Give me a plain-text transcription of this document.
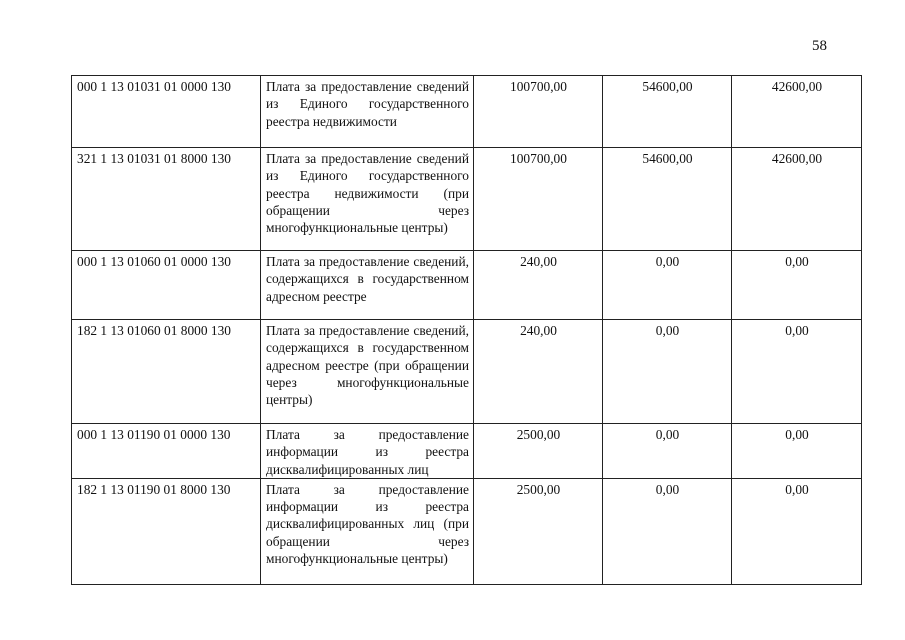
58
000 1 13 01031 01 0000 130	Плата за предоставление сведений из Единого государственного реестра недвижимости	100700,00	54600,00	42600,00
321 1 13 01031 01 8000 130	Плата за предоставление сведений из Единого государственного реестра недвижимости (при обращении через многофункциональные центры)	100700,00	54600,00	42600,00
000 1 13 01060 01 0000 130	Плата за предоставление сведений, содержащихся в государственном адресном реестре	240,00	0,00	0,00
182 1 13 01060 01 8000 130	Плата за предоставление сведений, содержащихся в государственном адресном реестре (при обращении через многофункциональные центры)	240,00	0,00	0,00
000 1 13 01190 01 0000 130	Плата за предоставление информации из реестра дисквалифицированных лиц	2500,00	0,00	0,00
182 1 13 01190 01 8000 130	Плата за предоставление информации из реестра дисквалифицированных лиц (при обращении через многофункциональные центры)	2500,00	0,00	0,00
